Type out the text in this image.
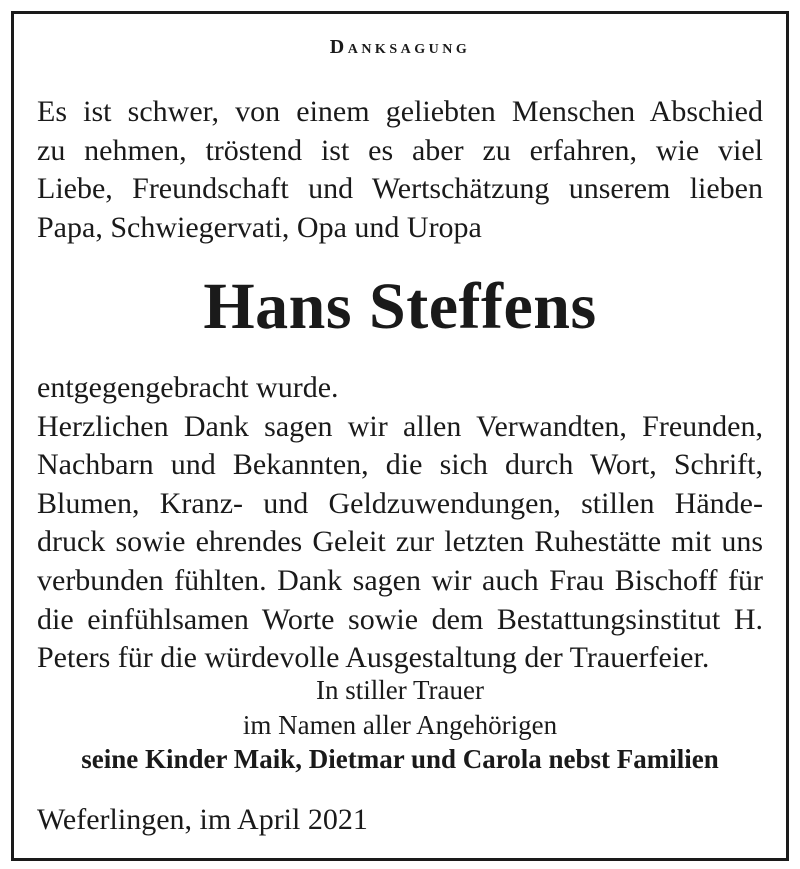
Danksagung
Es ist schwer, von einem geliebten Menschen Abschied
zu nehmen, tröstend ist es aber zu erfahren, wie viel
Liebe, Freundschaft und Wertschätzung unserem lieben
Papa, Schwiegervati, Opa und Uropa
Hans Steffens
entgegengebracht wurde.
Herzlichen Dank sagen wir allen Verwandten, Freunden,
Nachbarn und Bekannten, die sich durch Wort, Schrift,
Blumen, Kranz- und Geldzuwendungen, stillen Hände-
druck sowie ehrendes Geleit zur letzten Ruhestätte mit uns
verbunden fühlten. Dank sagen wir auch Frau Bischoff für
die einfühlsamen Worte sowie dem Bestattungsinstitut H.
Peters für die würdevolle Ausgestaltung der Trauerfeier.
In stiller Trauer
im Namen aller Angehörigen
seine Kinder Maik, Dietmar und Carola nebst Familien
Weferlingen, im April 2021
